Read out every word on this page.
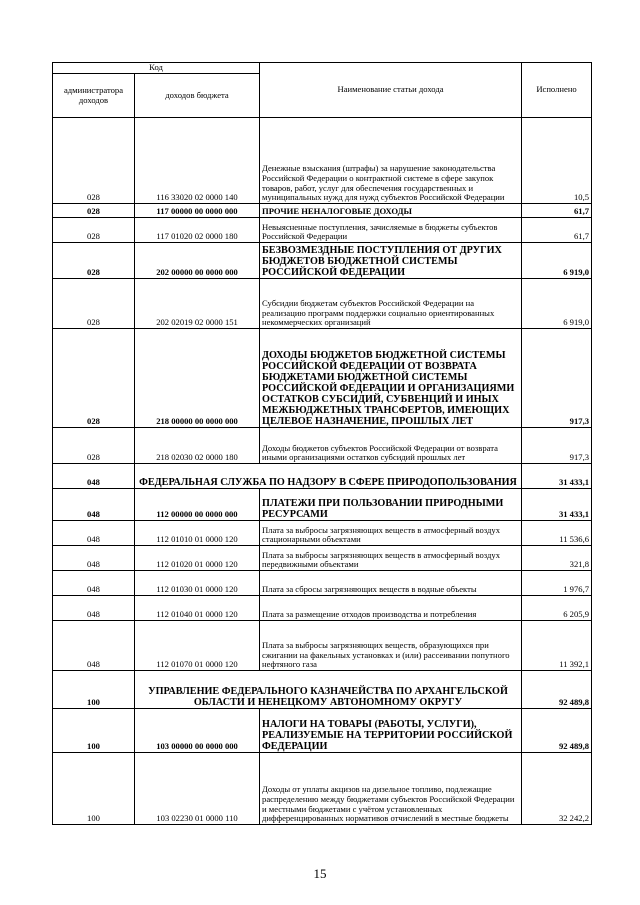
Код		Наименование статьи дохода	Исполнено
администратора доходов	доходов бюджета		
028	116 33020 02 0000 140	Денежные взыскания (штрафы) за нарушение законодательства Российской Федерации о контрактной системе в сфере закупок товаров, работ, услуг для обеспечения государственных и муниципальных нужд для нужд субъектов Российской Федерации	10,5
028	117 00000 00 0000 000	ПРОЧИЕ НЕНАЛОГОВЫЕ ДОХОДЫ	61,7
028	117 01020 02 0000 180	Невыясненные поступления, зачисляемые в бюджеты субъектов Российской Федерации	61,7
028	202 00000 00 0000 000	БЕЗВОЗМЕЗДНЫЕ ПОСТУПЛЕНИЯ ОТ ДРУГИХ БЮДЖЕТОВ БЮДЖЕТНОЙ СИСТЕМЫ РОССИЙСКОЙ ФЕДЕРАЦИИ	6 919,0
028	202 02019 02 0000 151	Субсидии бюджетам субъектов Российской Федерации на реализацию программ поддержки социально ориентированных некоммерческих организаций	6 919,0
028	218 00000 00 0000 000	ДОХОДЫ БЮДЖЕТОВ БЮДЖЕТНОЙ СИСТЕМЫ РОССИЙСКОЙ ФЕДЕРАЦИИ ОТ ВОЗВРАТА БЮДЖЕТАМИ БЮДЖЕТНОЙ СИСТЕМЫ РОССИЙСКОЙ ФЕДЕРАЦИИ И ОРГАНИЗАЦИЯМИ ОСТАТКОВ СУБСИДИЙ, СУБВЕНЦИЙ И ИНЫХ МЕЖБЮДЖЕТНЫХ ТРАНСФЕРТОВ, ИМЕЮЩИХ ЦЕЛЕВОЕ НАЗНАЧЕНИЕ, ПРОШЛЫХ ЛЕТ	917,3
028	218 02030 02 0000 180	Доходы бюджетов субъектов Российской Федерации от возврата иными организациями остатков субсидий прошлых лет	917,3
048	ФЕДЕРАЛЬНАЯ СЛУЖБА ПО НАДЗОРУ В СФЕРЕ ПРИРОДОПОЛЬЗОВАНИЯ		31 433,1
048	112 00000 00 0000 000	ПЛАТЕЖИ ПРИ ПОЛЬЗОВАНИИ ПРИРОДНЫМИ РЕСУРСАМИ	31 433,1
048	112 01010 01 0000 120	Плата за выбросы загрязняющих веществ в атмосферный воздух стационарными объектами	11 536,6
048	112 01020 01 0000 120	Плата за выбросы загрязняющих веществ в атмосферный воздух передвижными объектами	321,8
048	112 01030 01 0000 120	Плата за сбросы загрязняющих веществ в водные объекты	1 976,7
048	112 01040 01 0000 120	Плата за размещение отходов производства и потребления	6 205,9
048	112 01070 01 0000 120	Плата за выбросы загрязняющих веществ, образующихся при сжигании на факельных установках и (или) рассеивании попутного нефтяного газа	11 392,1
100	УПРАВЛЕНИЕ ФЕДЕРАЛЬНОГО КАЗНАЧЕЙСТВА ПО АРХАНГЕЛЬСКОЙ ОБЛАСТИ И НЕНЕЦКОМУ АВТОНОМНОМУ ОКРУГУ		92 489,8
100	103 00000 00 0000 000	НАЛОГИ НА ТОВАРЫ (РАБОТЫ, УСЛУГИ), РЕАЛИЗУЕМЫЕ НА ТЕРРИТОРИИ РОССИЙСКОЙ ФЕДЕРАЦИИ	92 489,8
100	103 02230 01 0000 110	Доходы от уплаты акцизов на дизельное топливо, подлежащие распределению между бюджетами субъектов Российской Федерации и местными бюджетами с учётом установленных дифференцированных нормативов отчислений в местные бюджеты	32 242,2
15
